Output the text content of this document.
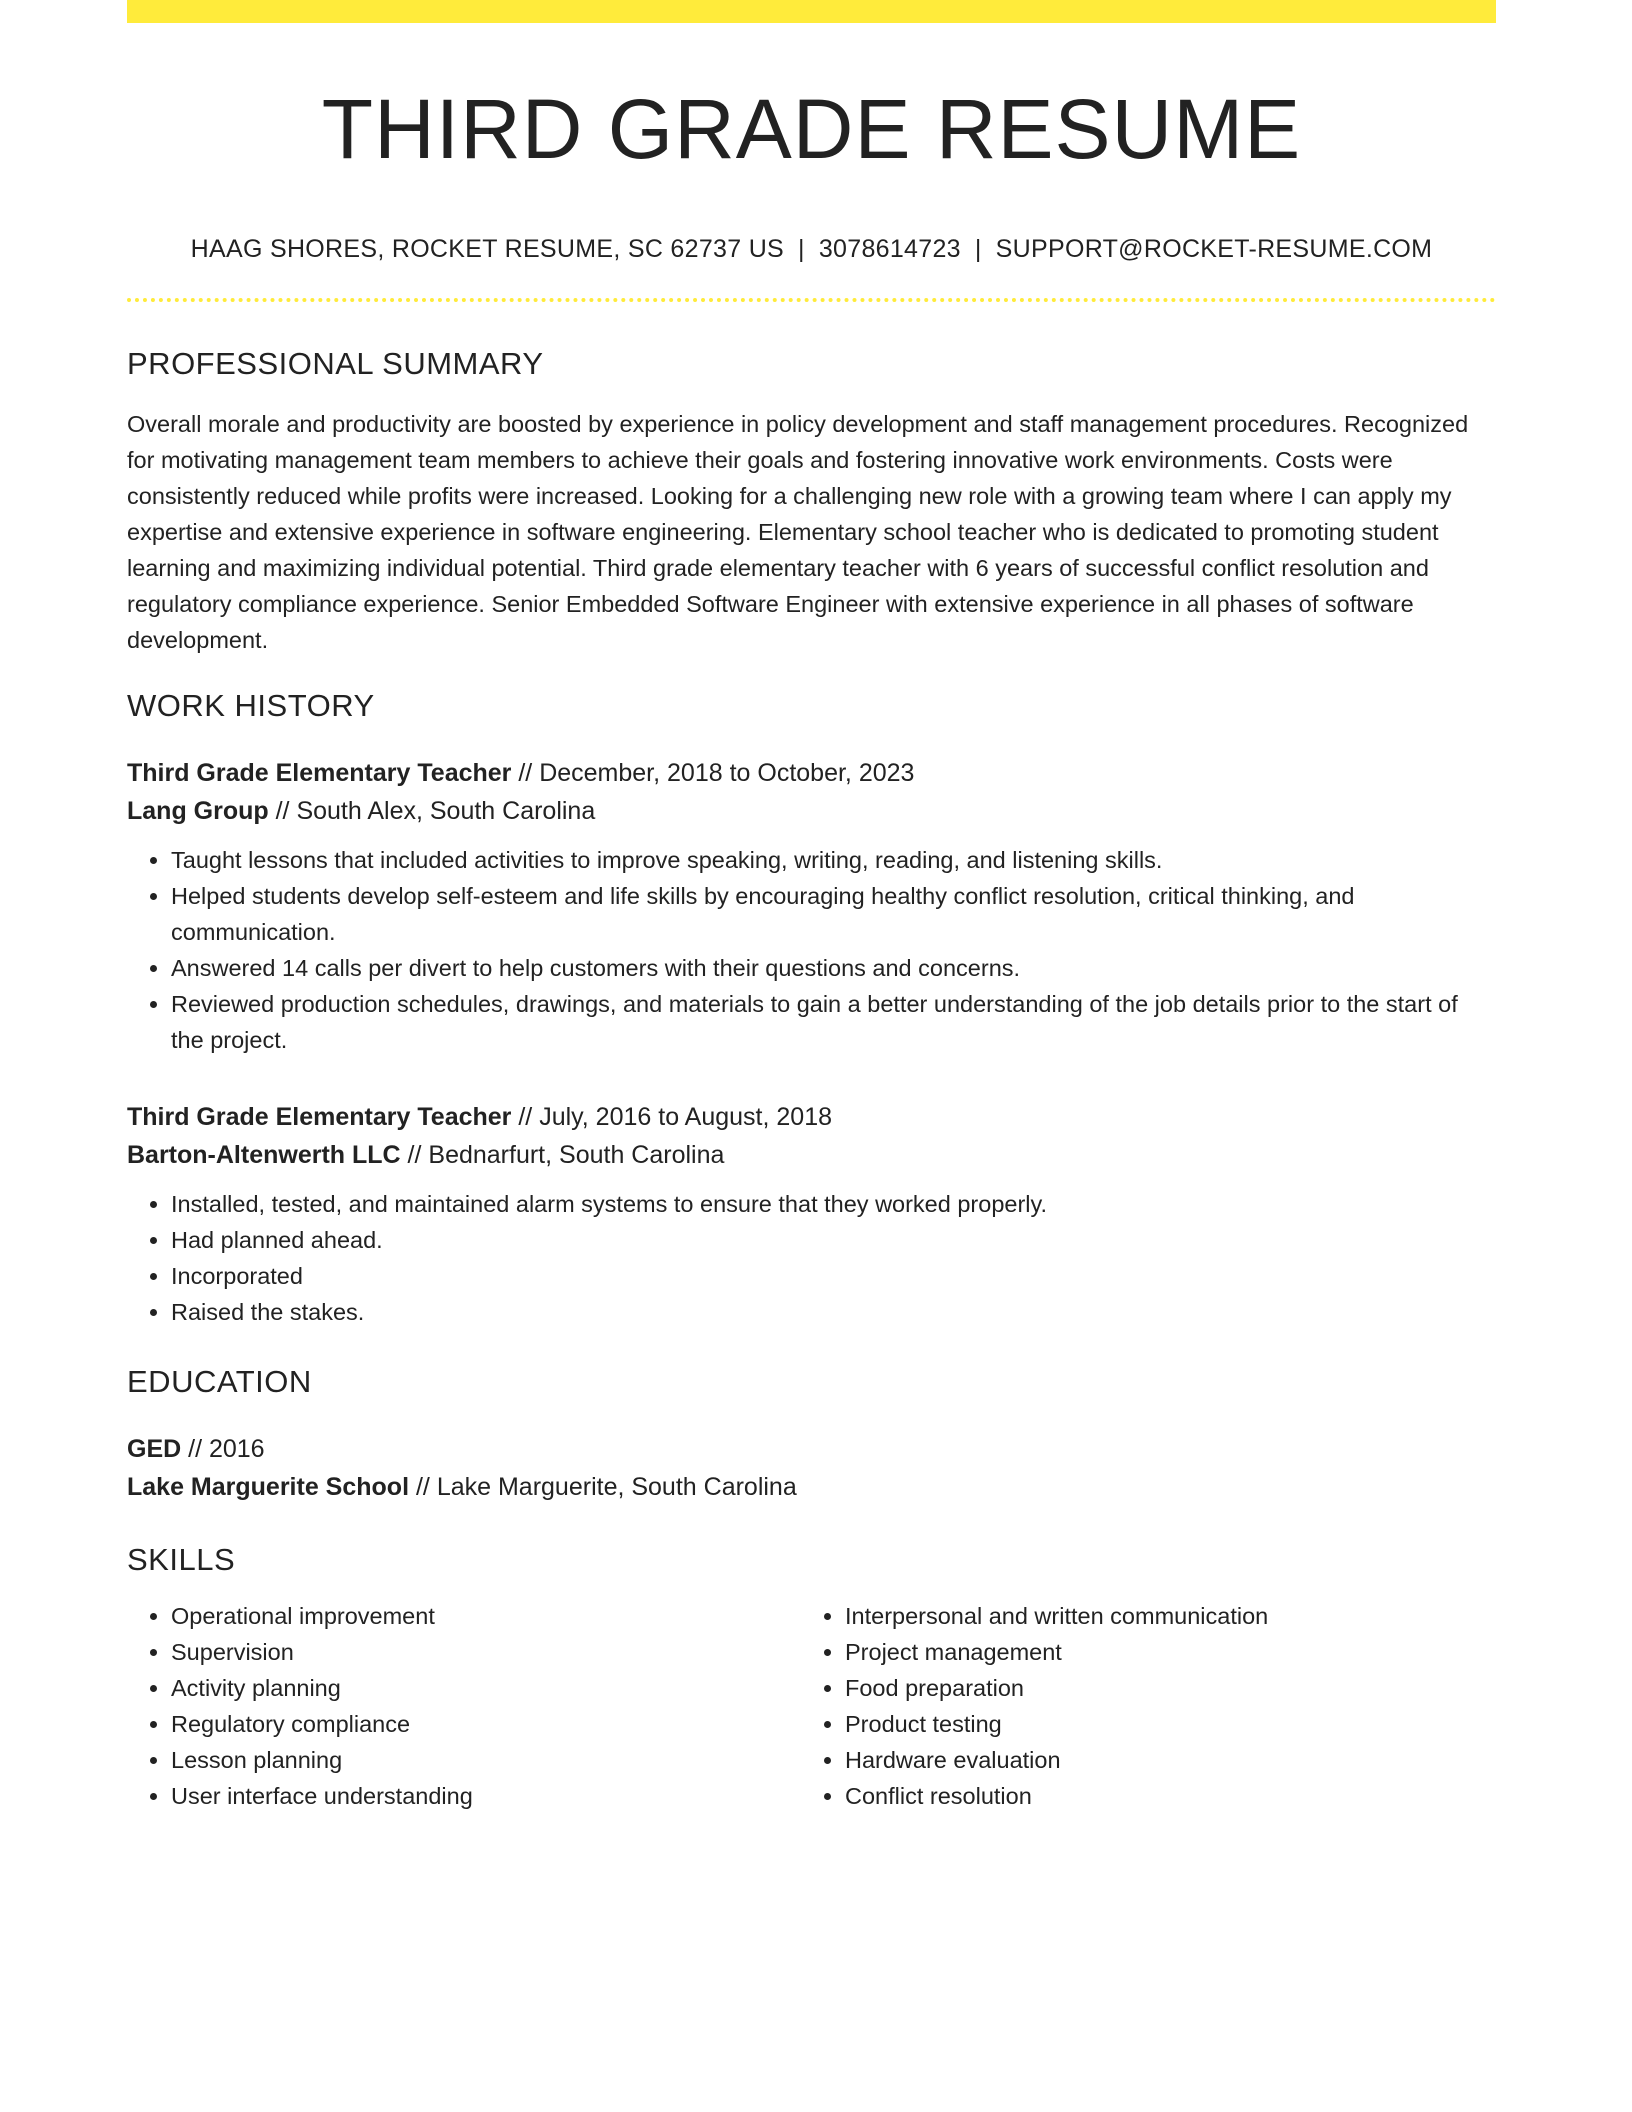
THIRD GRADE RESUME
HAAG SHORES, ROCKET RESUME, SC 62737 US | 3078614723 | SUPPORT@ROCKET-RESUME.COM
PROFESSIONAL SUMMARY

Overall morale and productivity are boosted by experience in policy development and staff management procedures. Recognized for motivating management team members to achieve their goals and fostering innovative work environments. Costs were consistently reduced while profits were increased. Looking for a challenging new role with a growing team where I can apply my expertise and extensive experience in software engineering. Elementary school teacher who is dedicated to promoting student learning and maximizing individual potential. Third grade elementary teacher with 6 years of successful conflict resolution and regulatory compliance experience. Senior Embedded Software Engineer with extensive experience in all phases of software development.

WORK HISTORY
Third Grade Elementary Teacher // December, 2018 to October, 2023
Lang Group // South Alex, South Carolina
• Taught lessons that included activities to improve speaking, writing, reading, and listening skills.
• Helped students develop self-esteem and life skills by encouraging healthy conflict resolution, critical thinking, and communication.
• Answered 14 calls per divert to help customers with their questions and concerns.
• Reviewed production schedules, drawings, and materials to gain a better understanding of the job details prior to the start of the project.
Third Grade Elementary Teacher // July, 2016 to August, 2018
Barton-Altenwerth LLC // Bednarfurt, South Carolina
• Installed, tested, and maintained alarm systems to ensure that they worked properly.
• Had planned ahead.
• Incorporated
• Raised the stakes.
EDUCATION
GED // 2016
Lake Marguerite School // Lake Marguerite, South Carolina
SKILLS
• Operational improvement
• Supervision
• Activity planning
• Regulatory compliance
• Lesson planning
• User interface understanding
• Interpersonal and written communication
• Project management
• Food preparation
• Product testing
• Hardware evaluation
• Conflict resolution
